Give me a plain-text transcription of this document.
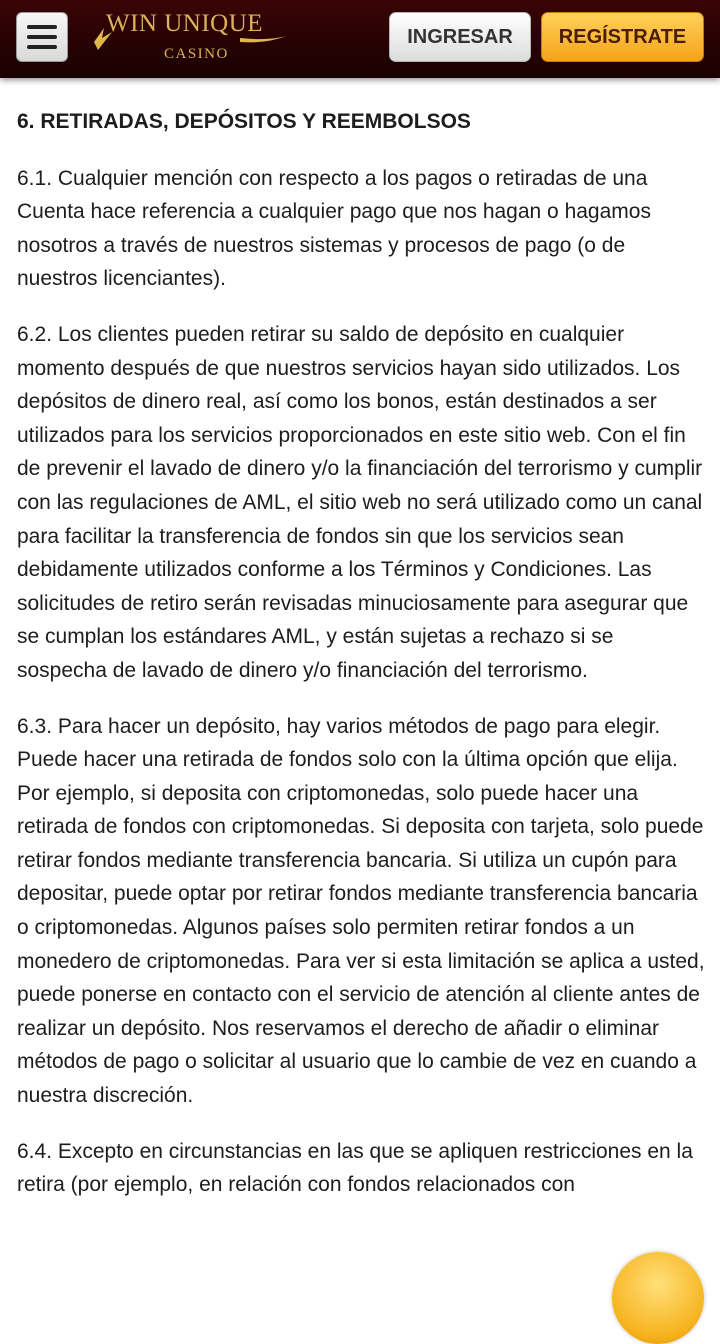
WIN UNIQUE
CASINO
INGRESAR	REGÍSTRATE
6. RETIRADAS, DEPÓSITOS Y REEMBOLSOS

6.1. Cualquier mención con respecto a los pagos o retiradas de una Cuenta hace referencia a cualquier pago que nos hagan o hagamos nosotros a través de nuestros sistemas y procesos de pago (o de nuestros licenciantes).

6.2. Los clientes pueden retirar su saldo de depósito en cualquier momento después de que nuestros servicios hayan sido utilizados. Los depósitos de dinero real, así como los bonos, están destinados a ser utilizados para los servicios proporcionados en este sitio web. Con el fin de prevenir el lavado de dinero y/o la financiación del terrorismo y cumplir con las regulaciones de AML, el sitio web no será utilizado como un canal para facilitar la transferencia de fondos sin que los servicios sean debidamente utilizados conforme a los Términos y Condiciones. Las solicitudes de retiro serán revisadas minuciosamente para asegurar que se cumplan los estándares AML, y están sujetas a rechazo si se sospecha de lavado de dinero y/o financiación del terrorismo.

6.3. Para hacer un depósito, hay varios métodos de pago para elegir. Puede hacer una retirada de fondos solo con la última opción que elija. Por ejemplo, si deposita con criptomonedas, solo puede hacer una retirada de fondos con criptomonedas. Si deposita con tarjeta, solo puede retirar fondos mediante transferencia bancaria. Si utiliza un cupón para depositar, puede optar por retirar fondos mediante transferencia bancaria o criptomonedas. Algunos países solo permiten retirar fondos a un monedero de criptomonedas. Para ver si esta limitación se aplica a usted, puede ponerse en contacto con el servicio de atención al cliente antes de realizar un depósito. Nos reservamos el derecho de añadir o eliminar métodos de pago o solicitar al usuario que lo cambie de vez en cuando a nuestra discreción.

6.4. Excepto en circunstancias en las que se apliquen restricciones en la retira (por ejemplo, en relación con fondos relacionados con
